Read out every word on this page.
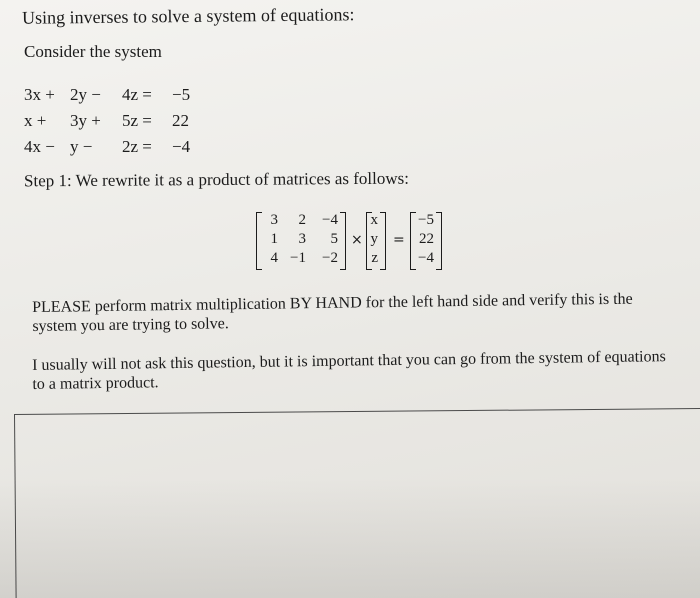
Using inverses to solve a system of equations:
Consider the system
3x + 2y − 4z = −5
x + 3y + 5z = 22
4x − y − 2z = −4
Step 1: We rewrite it as a product of matrices as follows:
3	2	−4
1	3	5
4 −1	−2
×
x
y
z
=
−5
22
−4
PLEASE perform matrix multiplication BY HAND for the left hand side and verify this is the system you are trying to solve.
I usually will not ask this question, but it is important that you can go from the system of equations to a matrix product.
